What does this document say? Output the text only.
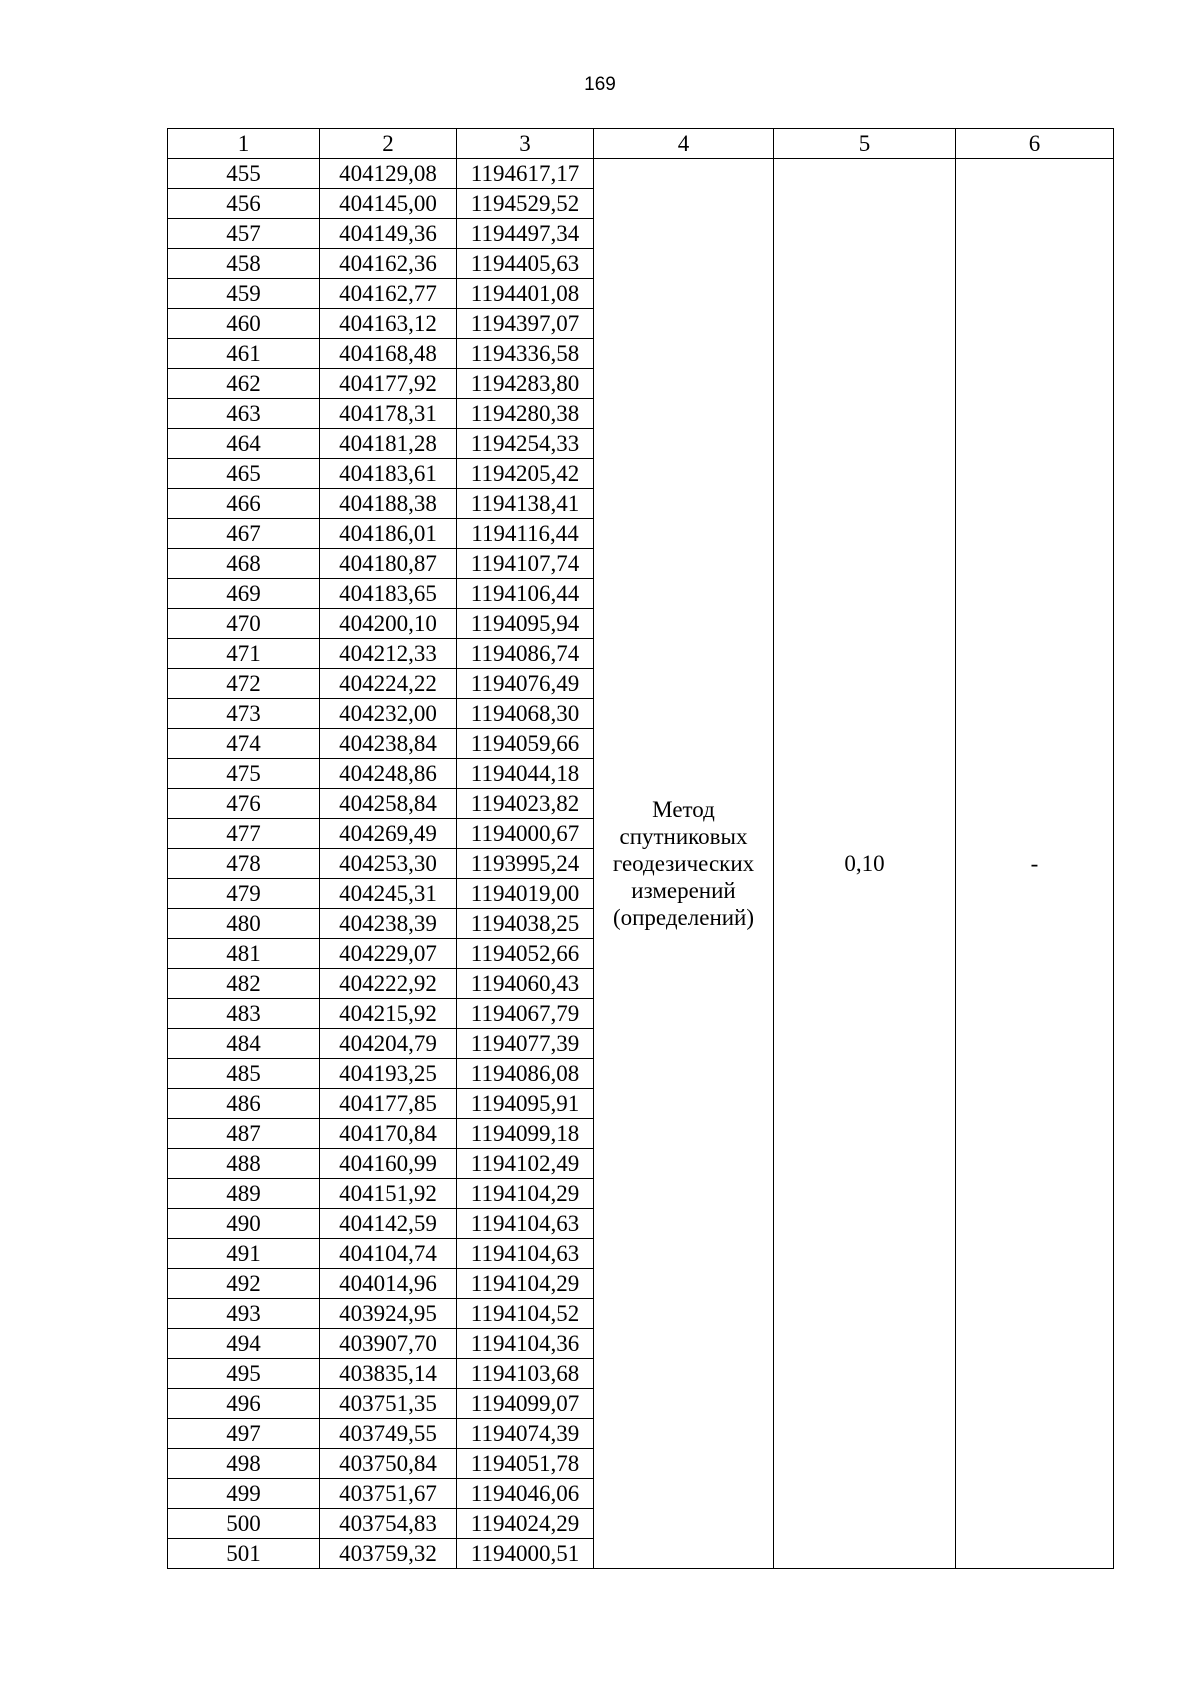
169
1	2	3	4	5	6
455	404129,08	1194617,17	Метод спутниковых геодезических измерений (определений)	0,10	-
456	404145,00	1194529,52			
457	404149,36	1194497,34			
458	404162,36	1194405,63			
459	404162,77	1194401,08			
460	404163,12	1194397,07			
461	404168,48	1194336,58			
462	404177,92	1194283,80			
463	404178,31	1194280,38			
464	404181,28	1194254,33			
465	404183,61	1194205,42			
466	404188,38	1194138,41			
467	404186,01	1194116,44			
468	404180,87	1194107,74			
469	404183,65	1194106,44			
470	404200,10	1194095,94			
471	404212,33	1194086,74			
472	404224,22	1194076,49			
473	404232,00	1194068,30			
474	404238,84	1194059,66			
475	404248,86	1194044,18			
476	404258,84	1194023,82			
477	404269,49	1194000,67			
478	404253,30	1193995,24			
479	404245,31	1194019,00			
480	404238,39	1194038,25			
481	404229,07	1194052,66			
482	404222,92	1194060,43			
483	404215,92	1194067,79			
484	404204,79	1194077,39			
485	404193,25	1194086,08			
486	404177,85	1194095,91			
487	404170,84	1194099,18			
488	404160,99	1194102,49			
489	404151,92	1194104,29			
490	404142,59	1194104,63			
491	404104,74	1194104,63			
492	404014,96	1194104,29			
493	403924,95	1194104,52			
494	403907,70	1194104,36			
495	403835,14	1194103,68			
496	403751,35	1194099,07			
497	403749,55	1194074,39			
498	403750,84	1194051,78			
499	403751,67	1194046,06			
500	403754,83	1194024,29			
501	403759,32	1194000,51			
